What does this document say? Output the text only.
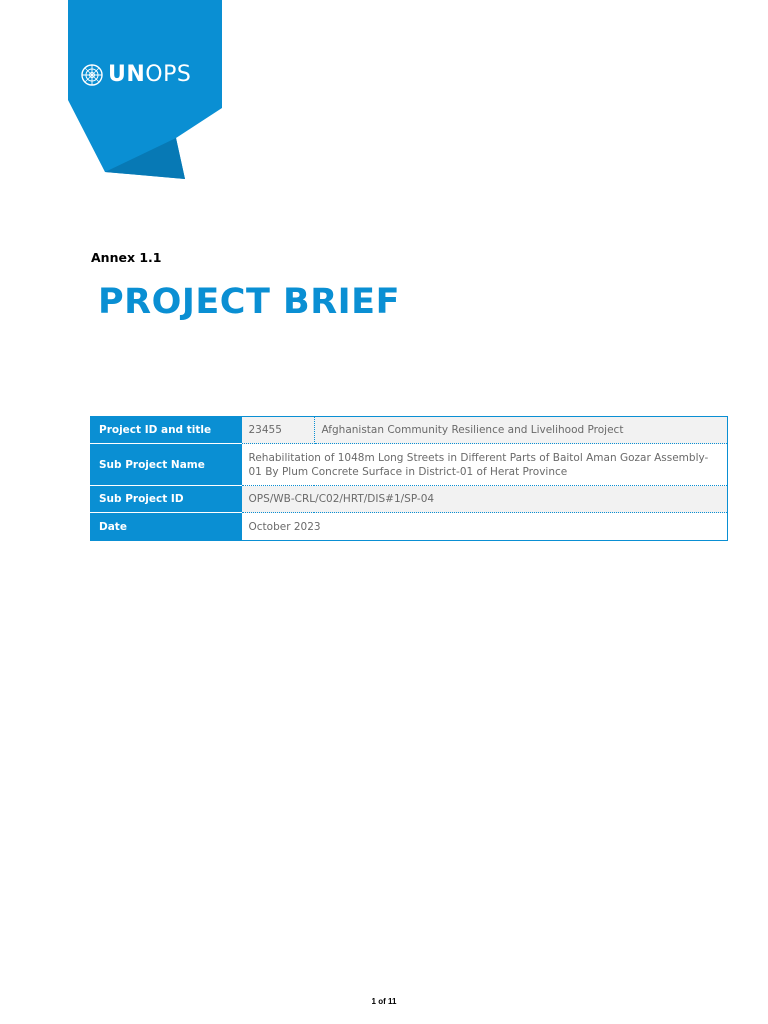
UNOPS
Annex 1.1
PROJECT BRIEF
Project ID and title	23455	Afghanistan Community Resilience and Livelihood Project
Sub Project Name	Rehabilitation of 1048m Long Streets in Different Parts of Baitol Aman Gozar Assembly-01 By Plum Concrete Surface in District-01 of Herat Province	
Sub Project ID	OPS/WB-CRL/C02/HRT/DIS#1/SP-04	
Date	October 2023	
1 of 11
